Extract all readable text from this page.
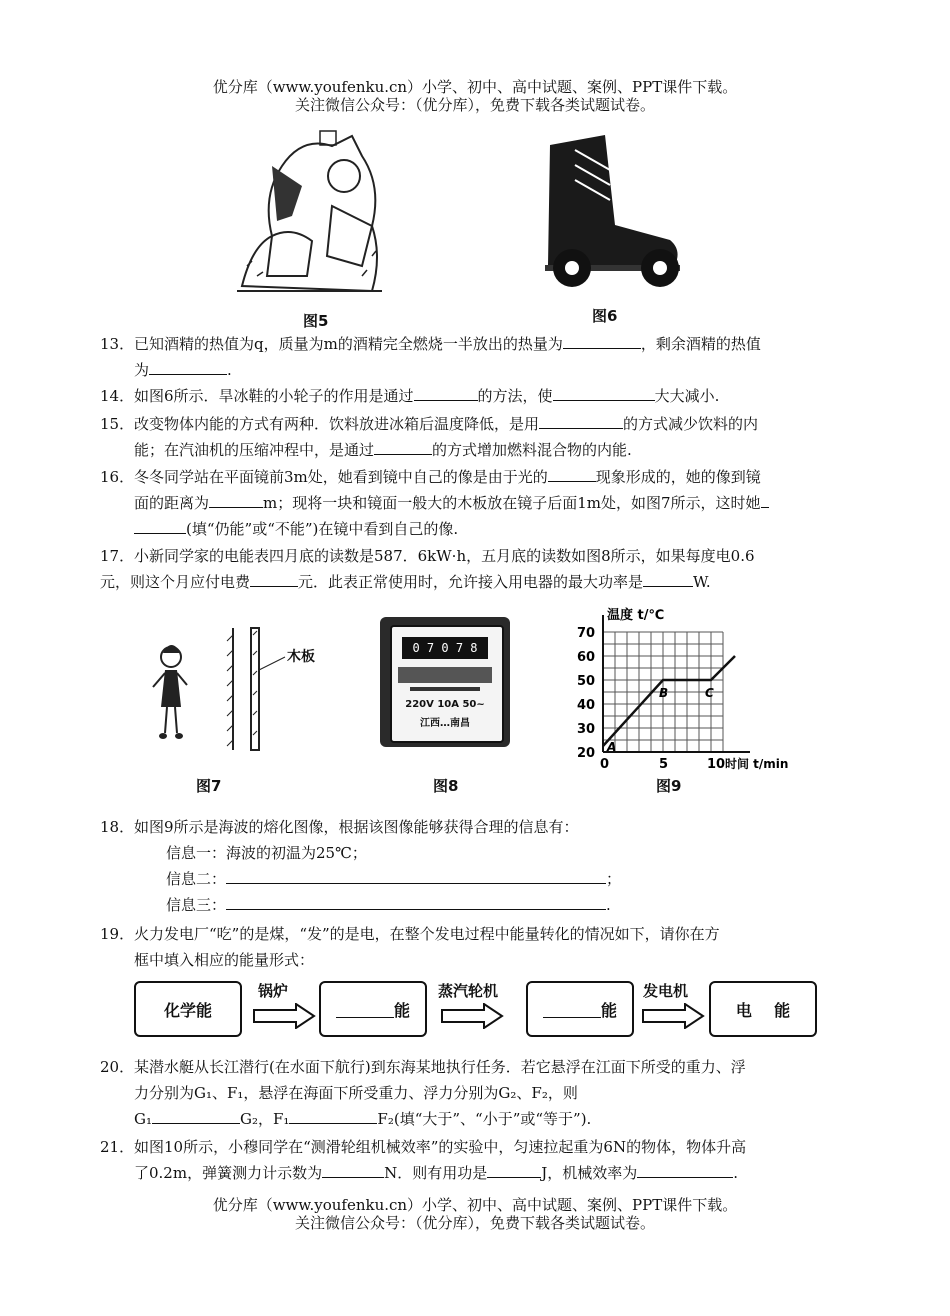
优分库（www.youfenku.cn）小学、初中、高中试题、案例、PPT课件下载。
关注微信公众号：（优分库），免费下载各类试题试卷。
图5	图6
13．已知酒精的热值为q，质量为m的酒精完全燃烧一半放出的热量为	，剩余酒精的热值
为	.
14．如图6所示．旱冰鞋的小轮子的作用是通过	的方法，使	大大减小.
15．改变物体内能的方式有两种．饮料放进冰箱后温度降低，是用	的方式减少饮料的内
能；在汽油机的压缩冲程中，是通过	的方式增加燃料混合物的内能.
16．冬冬同学站在平面镜前3m处，她看到镜中自己的像是由于光的	现象形成的，她的像到镜
面的距离为	m；现将一块和镜面一般大的木板放在镜子后面1m处，如图7所示，这时她
(填“仍能”或“不能”)在镜中看到自己的像.
17．小新同学家的电能表四月底的读数是587．6kW·h，五月底的读数如图8所示，如果每度电0.6
元，则这个月应付电费	元．此表正常使用时，允许接入用电器的最大功率是	W.
木板
图7
0 7 0 7 8
220V 10A 50~
江西…南昌
图8
温度 t/℃
70
60
50
40
30
20
0	5	10 时间 t/min
A
B	C
图9
18．如图9所示是海波的熔化图像，根据该图像能够获得合理的信息有：
信息一：海波的初温为25℃；
信息二：	；
信息三：	.
19．火力发电厂“吃”的是煤，“发”的是电，在整个发电过程中能量转化的情况如下，请你在方
框中填入相应的能量形式：
化学能
锅炉
能
蒸汽轮机
能
发电机
电    能
20．某潜水艇从长江潜行(在水面下航行)到东海某地执行任务．若它悬浮在江面下所受的重力、浮
力分别为G₁、F₁，悬浮在海面下所受重力、浮力分别为G₂、F₂，则
G₁	G₂，F₁	F₂(填“大于”、“小于”或“等于”).
21．如图10所示，小穆同学在“测滑轮组机械效率”的实验中，匀速拉起重为6N的物体，物体升高
了0.2m，弹簧测力计示数为	N．则有用功是	J，机械效率为	.
优分库（www.youfenku.cn）小学、初中、高中试题、案例、PPT课件下载。
关注微信公众号：（优分库），免费下载各类试题试卷。
